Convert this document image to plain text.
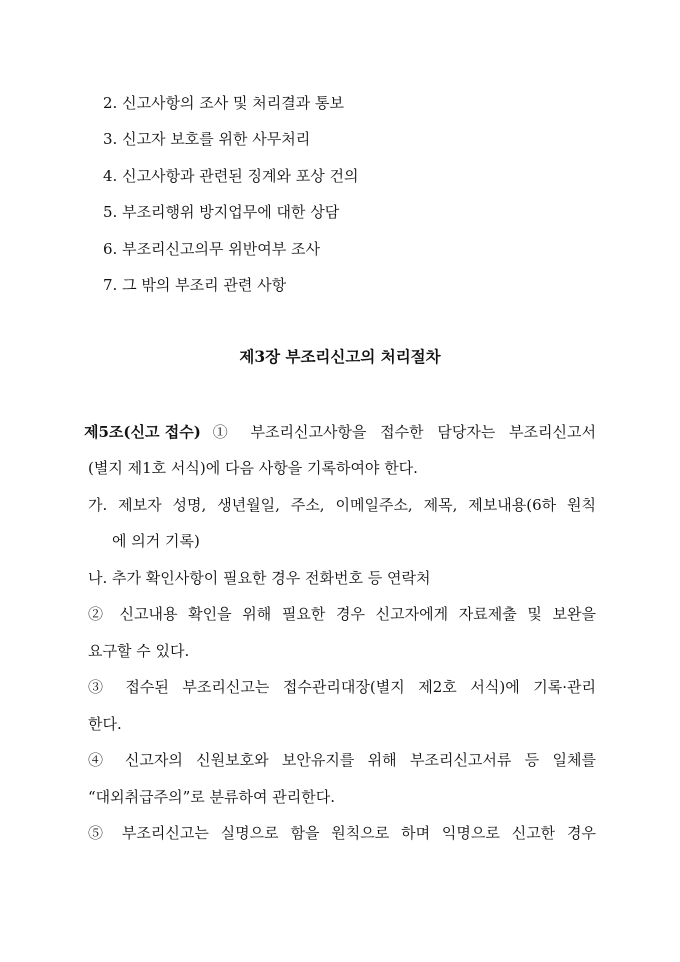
2. 신고사항의 조사 및 처리결과 통보
3. 신고자 보호를 위한 사무처리
4. 신고사항과 관련된 징계와 포상 건의
5. 부조리행위 방지업무에 대한 상담
6. 부조리신고의무 위반여부 조사
7. 그 밖의 부조리 관련 사항
제3장 부조리신고의 처리절차
제5조(신고 접수) ① 부조리신고사항을 접수한 담당자는 부조리신고서
(별지 제1호 서식)에 다음 사항을 기록하여야 한다.
가. 제보자 성명, 생년월일, 주소, 이메일주소, 제목, 제보내용(6하 원칙
에 의거 기록)
나. 추가 확인사항이 필요한 경우 전화번호 등 연락처
② 신고내용 확인을 위해 필요한 경우 신고자에게 자료제출 및 보완을
요구할 수 있다.
③ 접수된 부조리신고는 접수관리대장(별지 제2호 서식)에 기록·관리
한다.
④ 신고자의 신원보호와 보안유지를 위해 부조리신고서류 등 일체를
“대외취급주의”로 분류하여 관리한다.
⑤ 부조리신고는 실명으로 함을 원칙으로 하며 익명으로 신고한 경우
